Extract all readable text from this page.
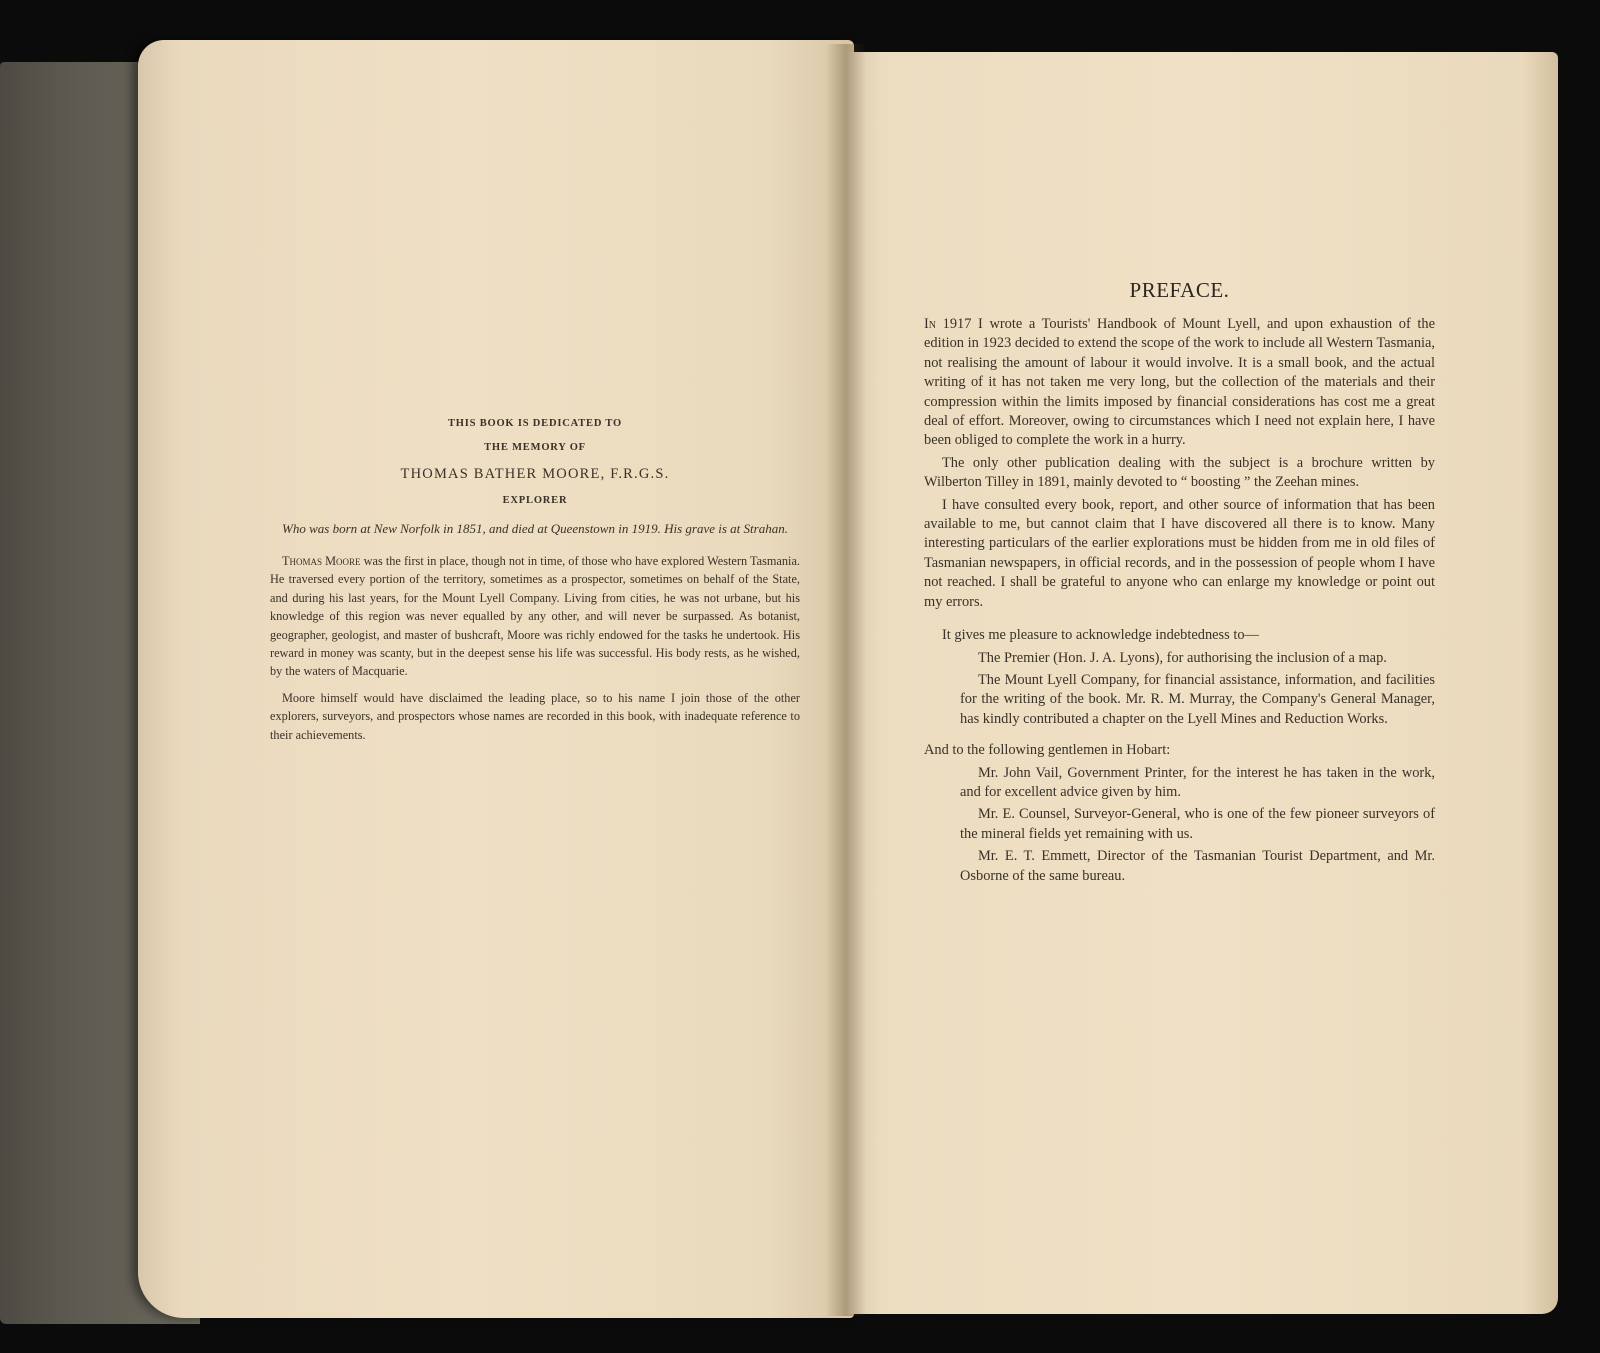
THIS BOOK IS DEDICATED TO
THE MEMORY OF
THOMAS BATHER MOORE, F.R.G.S.
EXPLORER
Who was born at New Norfolk in 1851, and died at Queenstown in 1919. His grave is at Strahan.

Thomas Moore was the first in place, though not in time, of those who have explored Western Tasmania. He traversed every portion of the territory, sometimes as a prospector, sometimes on behalf of the State, and during his last years, for the Mount Lyell Company. Living from cities, he was not urbane, but his knowledge of this region was never equalled by any other, and will never be surpassed. As botanist, geographer, geologist, and master of bushcraft, Moore was richly endowed for the tasks he undertook. His reward in money was scanty, but in the deepest sense his life was successful. His body rests, as he wished, by the waters of Macquarie.

Moore himself would have disclaimed the leading place, so to his name I join those of the other explorers, surveyors, and prospectors whose names are recorded in this book, with inadequate reference to their achievements.

PREFACE.

In 1917 I wrote a Tourists' Handbook of Mount Lyell, and upon exhaustion of the edition in 1923 decided to extend the scope of the work to include all Western Tasmania, not realising the amount of labour it would involve. It is a small book, and the actual writing of it has not taken me very long, but the collection of the materials and their compression within the limits imposed by financial considerations has cost me a great deal of effort. Moreover, owing to circumstances which I need not explain here, I have been obliged to complete the work in a hurry.

The only other publication dealing with the subject is a brochure written by Wilberton Tilley in 1891, mainly devoted to “ boosting ” the Zeehan mines.

I have consulted every book, report, and other source of information that has been available to me, but cannot claim that I have discovered all there is to know. Many interesting particulars of the earlier explorations must be hidden from me in old files of Tasmanian newspapers, in official records, and in the possession of people whom I have not reached. I shall be grateful to anyone who can enlarge my knowledge or point out my errors.

It gives me pleasure to acknowledge indebtedness to—

The Premier (Hon. J. A. Lyons), for authorising the inclusion of a map.

The Mount Lyell Company, for financial assistance, information, and facilities for the writing of the book. Mr. R. M. Murray, the Company's General Manager, has kindly contributed a chapter on the Lyell Mines and Reduction Works.

And to the following gentlemen in Hobart:

Mr. John Vail, Government Printer, for the interest he has taken in the work, and for excellent advice given by him.

Mr. E. Counsel, Surveyor-General, who is one of the few pioneer surveyors of the mineral fields yet remaining with us.

Mr. E. T. Emmett, Director of the Tasmanian Tourist Department, and Mr. Osborne of the same bureau.
